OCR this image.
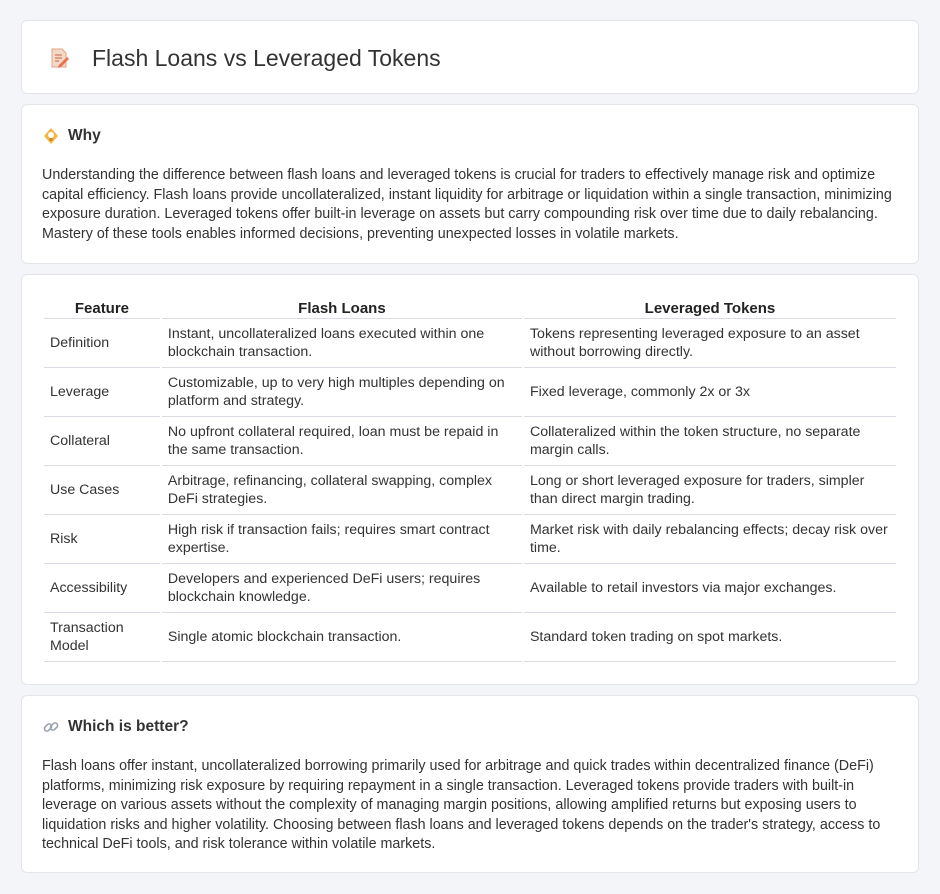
Flash Loans vs Leveraged Tokens
Why

Understanding the difference between flash loans and leveraged tokens is crucial for traders to effectively manage risk and optimize capital efficiency. Flash loans provide uncollateralized, instant liquidity for arbitrage or liquidation within a single transaction, minimizing exposure duration. Leveraged tokens offer built-in leverage on assets but carry compounding risk over time due to daily rebalancing. Mastery of these tools enables informed decisions, preventing unexpected losses in volatile markets.

Feature	Flash Loans	Leveraged Tokens
Definition	Instant, uncollateralized loans executed within one blockchain transaction.	Tokens representing leveraged exposure to an asset without borrowing directly.
Leverage	Customizable, up to very high multiples depending on platform and strategy.	Fixed leverage, commonly 2x or 3x
Collateral	No upfront collateral required, loan must be repaid in the same transaction.	Collateralized within the token structure, no separate margin calls.
Use Cases	Arbitrage, refinancing, collateral swapping, complex DeFi strategies.	Long or short leveraged exposure for traders, simpler than direct margin trading.
Risk	High risk if transaction fails; requires smart contract expertise.	Market risk with daily rebalancing effects; decay risk over time.
Accessibility	Developers and experienced DeFi users; requires blockchain knowledge.	Available to retail investors via major exchanges.
Transaction Model	Single atomic blockchain transaction.	Standard token trading on spot markets.
Which is better?

Flash loans offer instant, uncollateralized borrowing primarily used for arbitrage and quick trades within decentralized finance (DeFi) platforms, minimizing risk exposure by requiring repayment in a single transaction. Leveraged tokens provide traders with built-in leverage on various assets without the complexity of managing margin positions, allowing amplified returns but exposing users to liquidation risks and higher volatility. Choosing between flash loans and leveraged tokens depends on the trader's strategy, access to technical DeFi tools, and risk tolerance within volatile markets.
